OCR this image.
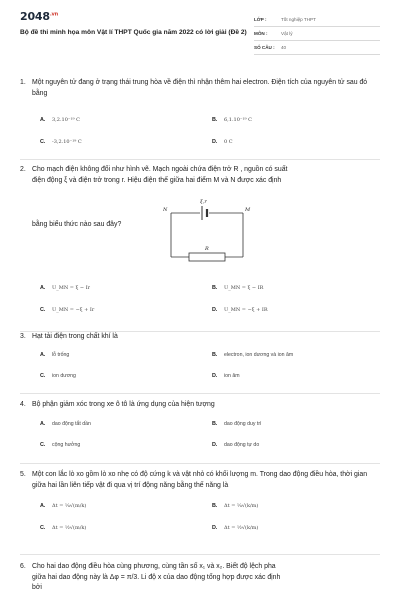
$2048^{.vn}$
Bộ đề thi minh họa môn Vật lí THPT Quốc gia năm 2022 có lời giải (Đề 2)
LỚP :	Tốt nghiệp THPT
MÔN :	Vật lý
SỐ CÂU :	40
1. Một nguyên tử đang ở trạng thái trung hòa về điện thì nhận thêm hai electron. Điện tích của nguyên tử sau đó bằng
A.	3,2.10⁻¹⁹ C	B.	6,1.10⁻¹⁹ C
C.	-3,2.10⁻¹⁹ C	D.	0 C
2. Cho mạch điện không đổi như hình vẽ. Mạch ngoài chứa điện trở R , nguồn có suất
điện động ξ và điện trở trong r. Hiệu điện thế giữa hai điểm M và N được xác định
bằng biểu thức nào sau đây?
A.	U_MN = ξ − Ir	B.	U_MN = ξ − IR
C.	U_MN = −ξ + Ir	D.	U_MN = −ξ + IR
ξ,r
N	M
R
3. Hạt tải điện trong chất khí là
A.	lỗ trống	B.	electron, ion dương và ion âm
C.	ion dương	D.	ion âm
4. Bộ phận giảm xóc trong xe ô tô là ứng dụng của hiện tượng
A.	dao động tắt dần	B.	dao động duy trì
C.	cộng hưởng	D.	dao động tự do
5. Một con lắc lò xo gồm lò xo nhẹ có độ cứng k và vật nhỏ có khối lượng m. Trong dao động điều hòa, thời gian giữa hai lần liên tiếp vật đi qua vị trí động năng bằng thế năng là
A.	Δt = ¼√(m/k)	B.	Δt = ¼√(k/m)
C.	Δt = ½√(m/k)	D.	Δt = ½√(k/m)
6. Cho hai dao động điều hòa cùng phương, cùng tần số x₁ và x₂. Biết độ lệch pha
giữa hai dao động này là Δφ = π/3. Li độ x của dao động tổng hợp được xác định
bởi
